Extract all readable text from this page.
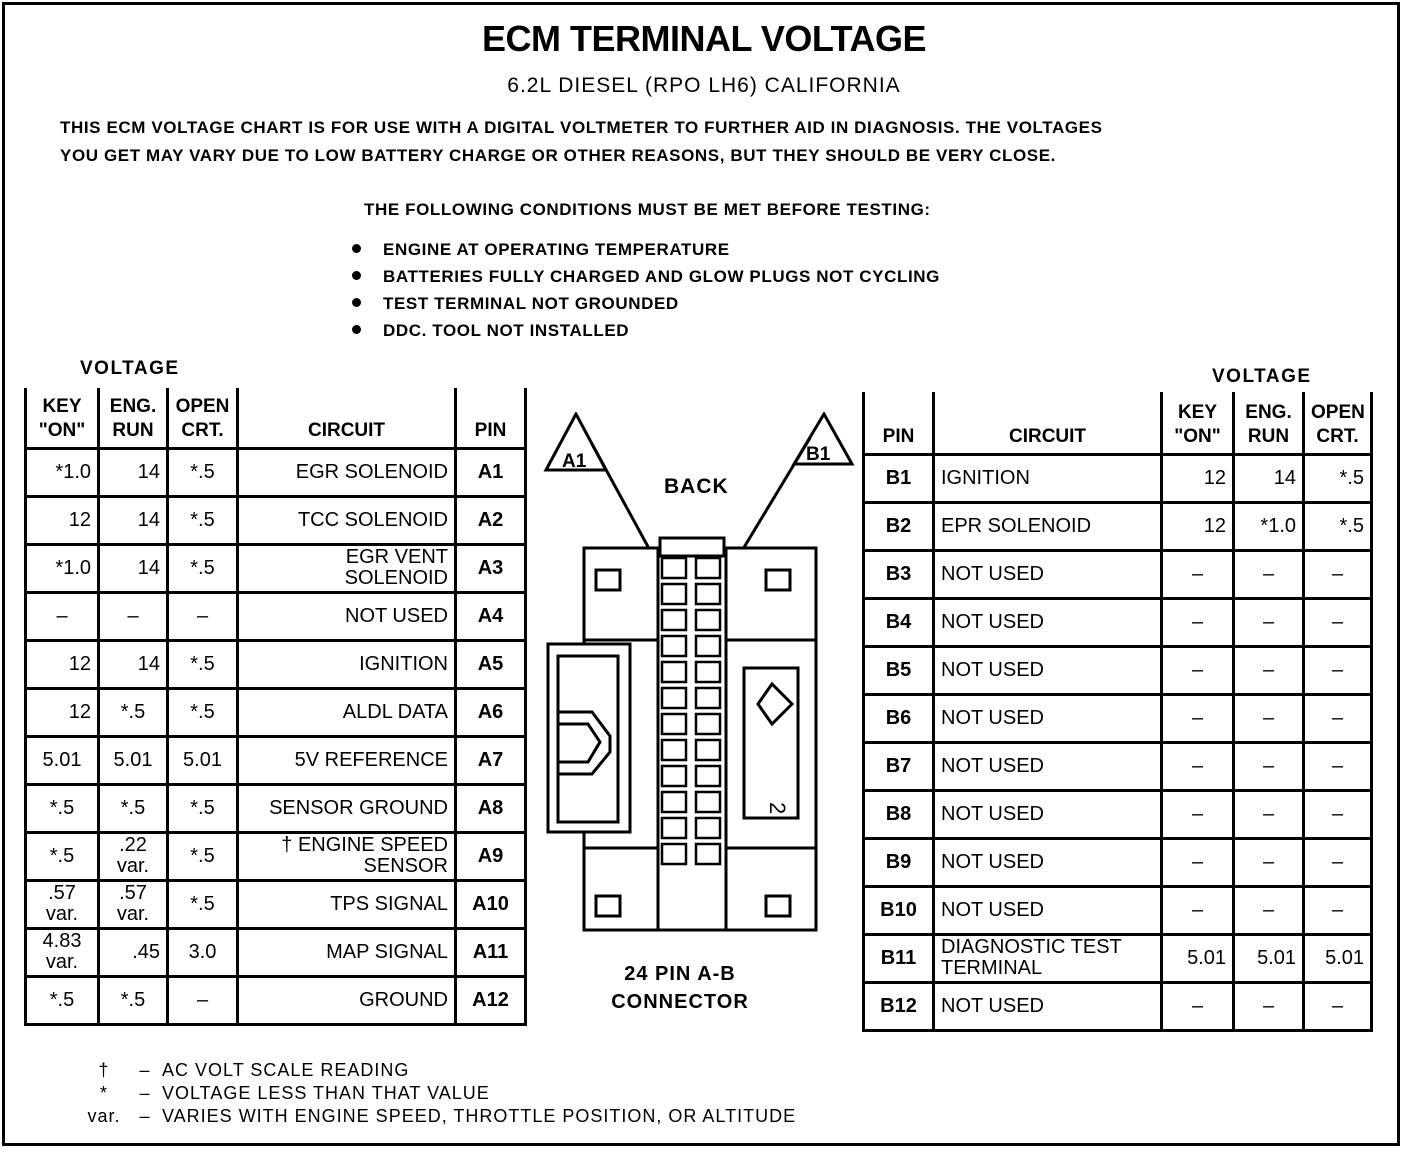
ECM TERMINAL VOLTAGE
6.2L DIESEL (RPO LH6) CALIFORNIA
THIS ECM VOLTAGE CHART IS FOR USE WITH A DIGITAL VOLTMETER TO FURTHER AID IN DIAGNOSIS. THE VOLTAGES
YOU GET MAY VARY DUE TO LOW BATTERY CHARGE OR OTHER REASONS, BUT THEY SHOULD BE VERY CLOSE.
THE FOLLOWING CONDITIONS MUST BE MET BEFORE TESTING:
ENGINE AT OPERATING TEMPERATURE
BATTERIES FULLY CHARGED AND GLOW PLUGS NOT CYCLING
TEST TERMINAL NOT GROUNDED
DDC. TOOL NOT INSTALLED
VOLTAGE	VOLTAGE
KEY "ON"	ENG. RUN	OPEN CRT.	CIRCUIT	PIN
*1.0	14	*.5	EGR SOLENOID	A1
12	14	*.5	TCC SOLENOID	A2
*1.0	14	*.5	EGR VENT SOLENOID	A3
–	–	–	NOT USED	A4
12	14	*.5	IGNITION	A5
12	*.5	*.5	ALDL DATA	A6
5.01	5.01	5.01	5V REFERENCE	A7
*.5	*.5	*.5	SENSOR GROUND	A8
*.5	.22 var.	*.5	† ENGINE SPEED SENSOR	A9
.57 var.	.57 var.	*.5	TPS SIGNAL	A10
4.83 var.	.45	3.0	MAP SIGNAL	A11
*.5	*.5	–	GROUND	A12
PIN	CIRCUIT	KEY "ON"	ENG. RUN	OPEN CRT.
B1	IGNITION	12	14	*.5
B2	EPR SOLENOID	12	*1.0	*.5
B3	NOT USED	–	–	–
B4	NOT USED	–	–	–
B5	NOT USED	–	–	–
B6	NOT USED	–	–	–
B7	NOT USED	–	–	–
B8	NOT USED	–	–	–
B9	NOT USED	–	–	–
B10	NOT USED	–	–	–
B11	DIAGNOSTIC TEST TERMINAL	5.01	5.01	5.01
B12	NOT USED	–	–	–
A1	B1
2
BACK
24 PIN A-B
CONNECTOR
† – AC VOLT SCALE READING
* – VOLTAGE LESS THAN THAT VALUE
var. – VARIES WITH ENGINE SPEED, THROTTLE POSITION, OR ALTITUDE
